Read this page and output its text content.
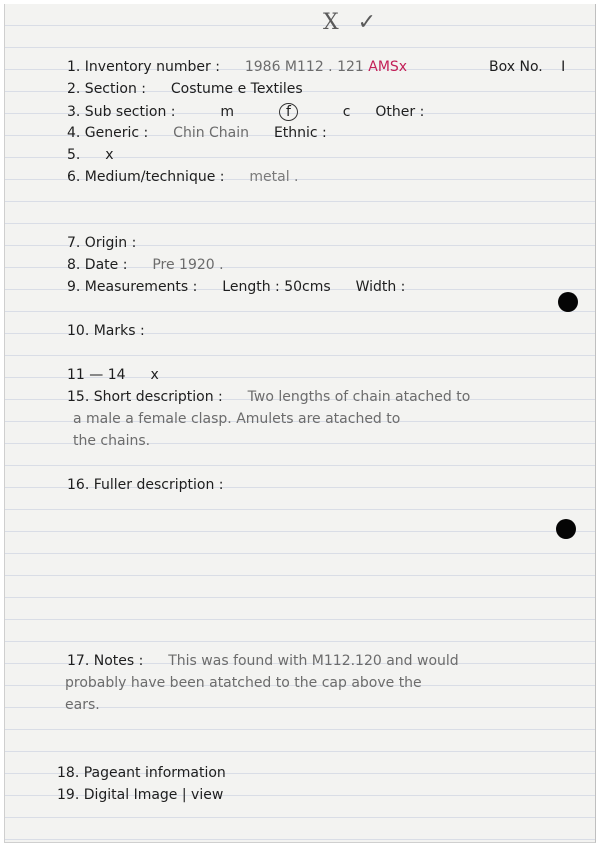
X ✓
1. Inventory number : 1986 M112 . 121 AMSx	Box No. I
2. Section : Costume e Textiles
3. Sub section :	m	f	c Other :
4. Generic : Chin Chain Ethnic :
5. x
6. Medium/technique : metal .
7. Origin :
8. Date : Pre 1920 .
9. Measurements : Length : 50cms Width :
10. Marks :
11 — 14 x
15. Short description : Two lengths of chain atached to
a male a female clasp. Amulets are atached to
the chains.
16. Fuller description :
17. Notes : This was found with M112.120 and would
probably have been atatched to the cap above the
ears.
18. Pageant information
19. Digital Image | view
